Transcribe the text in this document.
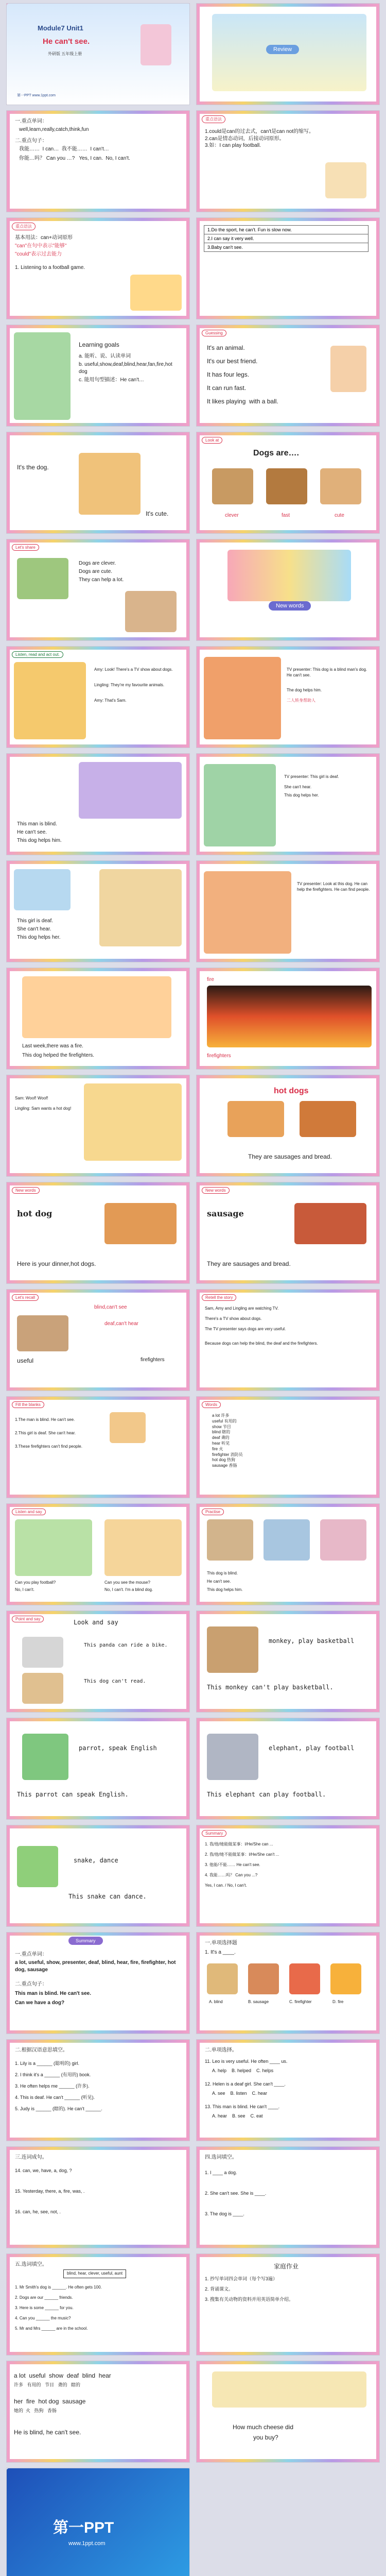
Module7 Unit1
He can't see.
外研版 五年级上册
第一PPT www.1ppt.com
Review
一.重点单词：
well,learn,really,catch,think,fun
二.重点句子：
我能……  I can…  我不能……  I can't…
你能…吗？ Can you …?   Yes, I can.  No, I can't.
重点语法
1.could是can的过去式，can't是can not的缩写。
2.can是情态动词，后接动词原形。
3.如：I can play football.
重点语法
基本用法：can+动词原形
"can"在句中表示"能够"
"could"表示过去能力
1. Listening to a football game.
1.Do the sport, he can't. Fun is slow now.
2.I can say it very well.
3.Baby can't see.
Learning goals
a. 能听、说、认读单词
b. useful,show,deaf,blind,hear,fan,fire,hot dog
c. 能用句型描述：He can't…
Guessing
It's an animal.
It's our best friend.
It has four legs.
It can run fast.
It likes playing  with a ball.
It's the dog.
It's cute.
Look at
Dogs are….
clever	fast	cute
Let's share
Dogs are clever.
Dogs are cute.
They can help a lot.
New words
Listen, read and act out.
Amy: Look! There's a TV show about dogs.
Lingling: They're my favourite animals.
Amy: That's Sam.
TV presenter: This dog is a blind man's dog. He can't see.
The dog helps him.
二人转身帮助人
This man is blind.
He can't see.
This dog helps him.
TV presenter: This girl is deaf.
She can't hear.
This dog helps her.
This girl is deaf.
She can't hear.
This dog helps her.
TV presenter: Look at this dog. He can help the firefighters. He can find people.
Last week,there was a fire.
This dog helped the firefighters.
fire
firefighters
Sam: Woof! Woof!
Lingling: Sam wants a hot dog!
hot dogs
They are sausages and bread.
New words
hot dog
Here is your dinner,hot dogs.
New words
sausage
They are sausages and bread.
Let's recall
blind,can't see
deaf,can't hear
useful	firefighters
Retell the story
Sam, Amy and Lingling are watching TV.
There's a TV show about dogs.
The TV presenter says dogs are very useful.
Because dogs can help the blind, the deaf and the firefighters.
Fill the blanks
1.The man is blind. He can't see.
2.This girl is deaf. She can't hear.
3.These firefighters can't find people.
Words
a lot 许多
useful 有用的
show 节目
blind 瞎的
deaf 聋的
hear 听见
fire 火
firefighter 消防员
hot dog 热狗
sausage 香肠
Listen and say
Can you play football?
No, I can't.
Can you see the mouse?
No, I can't. I'm a blind dog.
Practise
This dog is blind.
He can't see.
This dog helps him.
Point and say	Look and say
This panda can ride a bike.
This dog can't read.
monkey, play basketball
This monkey can't play basketball.
parrot, speak English
This parrot can speak English.
elephant, play football
This elephant can play football.
snake, dance
This snake can dance.
Summary
1. 我/他/她能做某事：I/He/She can ...
2. 我/他/她不能做某事：I/He/She can't ...
3. 他能/不能…… He can't see.
4. 我能……吗？ Can you ...?
Yes, I can. / No, I can't.
Summary
一.重点单词：
a lot, useful, show, presenter, deaf, blind, hear, fire, firefighter, hot dog, sausage
二.重点句子：
This man is blind. He can't see.
Can we have a dog?
一.单项选择题
1. It's a ____.
A. blind	B. sausage	C. firefighter	D. fire
二.根据汉语意思填空。
1. Lily is a ______ (聪明的) girl.
2. I think it's a ______ (有用的) book.
3. He often helps me ______ (许多).
4. This is deaf. He can't ______ (听见).
5. Judy is ______ (瞎的). He can't ______.
二.单项选择。
11. Leo is very useful. He often ____ us.
A. help    B. helped    C. helps
12. Helen is a deaf girl. She can't ____.
A. see    B. listen    C. hear
13. This man is blind. He can't ____.
A. hear    B. see    C. eat
三.连词成句。
14. can, we, have, a, dog, ?
15. Yesterday, there, a, fire, was, .
16. can, he, see, not, .
四.选词填空。
1. I ____ a dog.
2. She can't see. She is ____.
3. The dog is ____.
五.选词填空。
blind, hear, clever, useful, aunt
1. Mr Smith's dog is ______. He often gets 100.
2. Dogs are our ______ friends.
3. Here is some ______ for you.
4. Can you ______ the music?
5. Mr and Mrs ______ are in the school.
家庭作业
1. 抄写单词四会单词（每个写3遍）
2. 背诵课文。
3. 搜集有关动物的资料并用英语简单介绍。
a lot  useful  show  deaf  blind  hear
许多   有用的   节目   聋的   瞎的
her  fire  hot dog  sausage
她的  火   热狗   香肠
He is blind, he can't see.
How much cheese did
you buy?
第一PPT
www.1ppt.com
